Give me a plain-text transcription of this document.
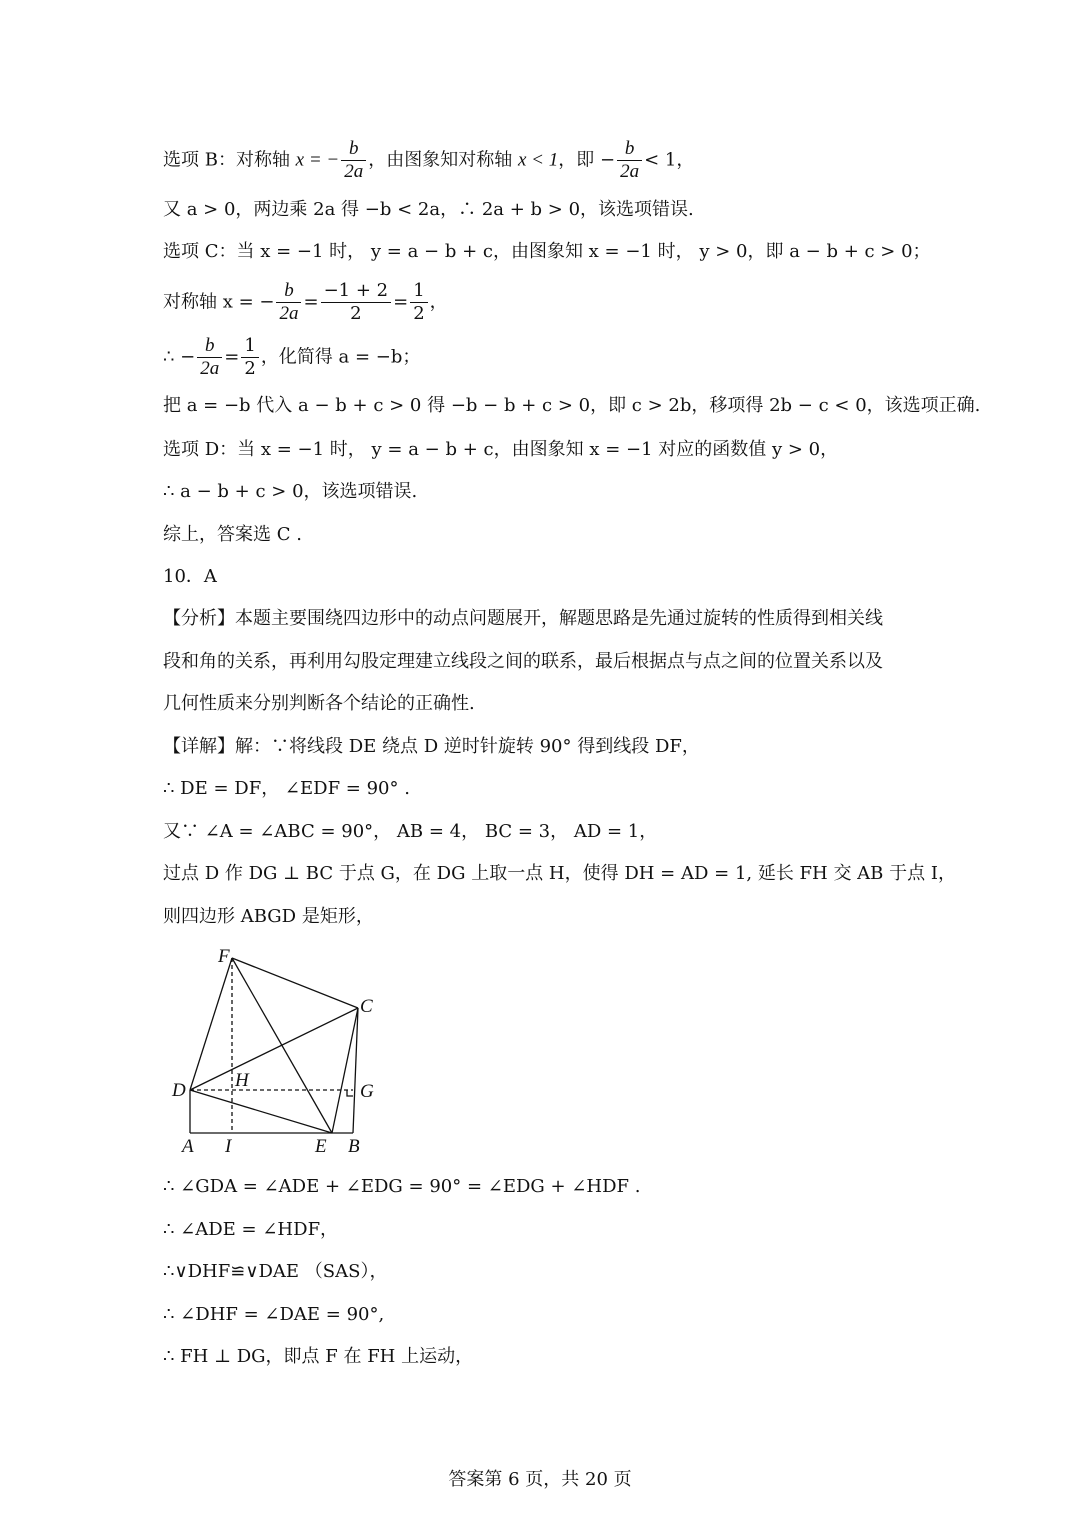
选项 B：对称轴 x = − $\frac{b}{2a}$ ，由图象知对称轴 x < 1，即 − $\frac{b}{2a} < 1$，
又 a > 0，两边乘 2a 得 −b < 2a，∴ 2a + b > 0，该选项错误.
选项 C：当 x = −1 时， y = a − b + c，由图象知 x = −1 时， y > 0，即 a − b + c > 0；
对称轴 x = − $\frac{b}{2a} = \frac{-1 + 2}{2} = \frac{1}{2}$ ，
∴ − $\frac{b}{2a} = \frac{1}{2}$ ，化简得 a = −b；
把 a = −b 代入 a − b + c > 0 得 −b − b + c > 0，即 c > 2b，移项得 2b − c < 0，该选项正确.
选项 D：当 x = −1 时， y = a − b + c，由图象知 x = −1 对应的函数值 y > 0，
∴ a − b + c > 0，该选项错误.
综上，答案选 C .
10．A
【分析】本题主要围绕四边形中的动点问题展开，解题思路是先通过旋转的性质得到相关线
段和角的关系，再利用勾股定理建立线段之间的联系，最后根据点与点之间的位置关系以及
几何性质来分别判断各个结论的正确性.
【详解】解：∵将线段 DE 绕点 D 逆时针旋转 90° 得到线段 DF，
∴ DE = DF， ∠EDF = 90° .
又∵ ∠A = ∠ABC = 90°， AB = 4， BC = 3， AD = 1，
过点 D 作 DG ⊥ BC 于点 G，在 DG 上取一点 H，使得 DH = AD = 1, 延长 FH 交 AB 于点 I，
则四边形 ABGD 是矩形，
F
C
D	H
G
A I	E B
∴ ∠GDA = ∠ADE + ∠EDG = 90° = ∠EDG + ∠HDF .
∴ ∠ADE = ∠HDF，
∴∨DHF≌∨DAE （SAS），
∴ ∠DHF = ∠DAE = 90°,
∴ FH ⊥ DG，即点 F 在 FH 上运动，
答案第 6 页，共 20 页
